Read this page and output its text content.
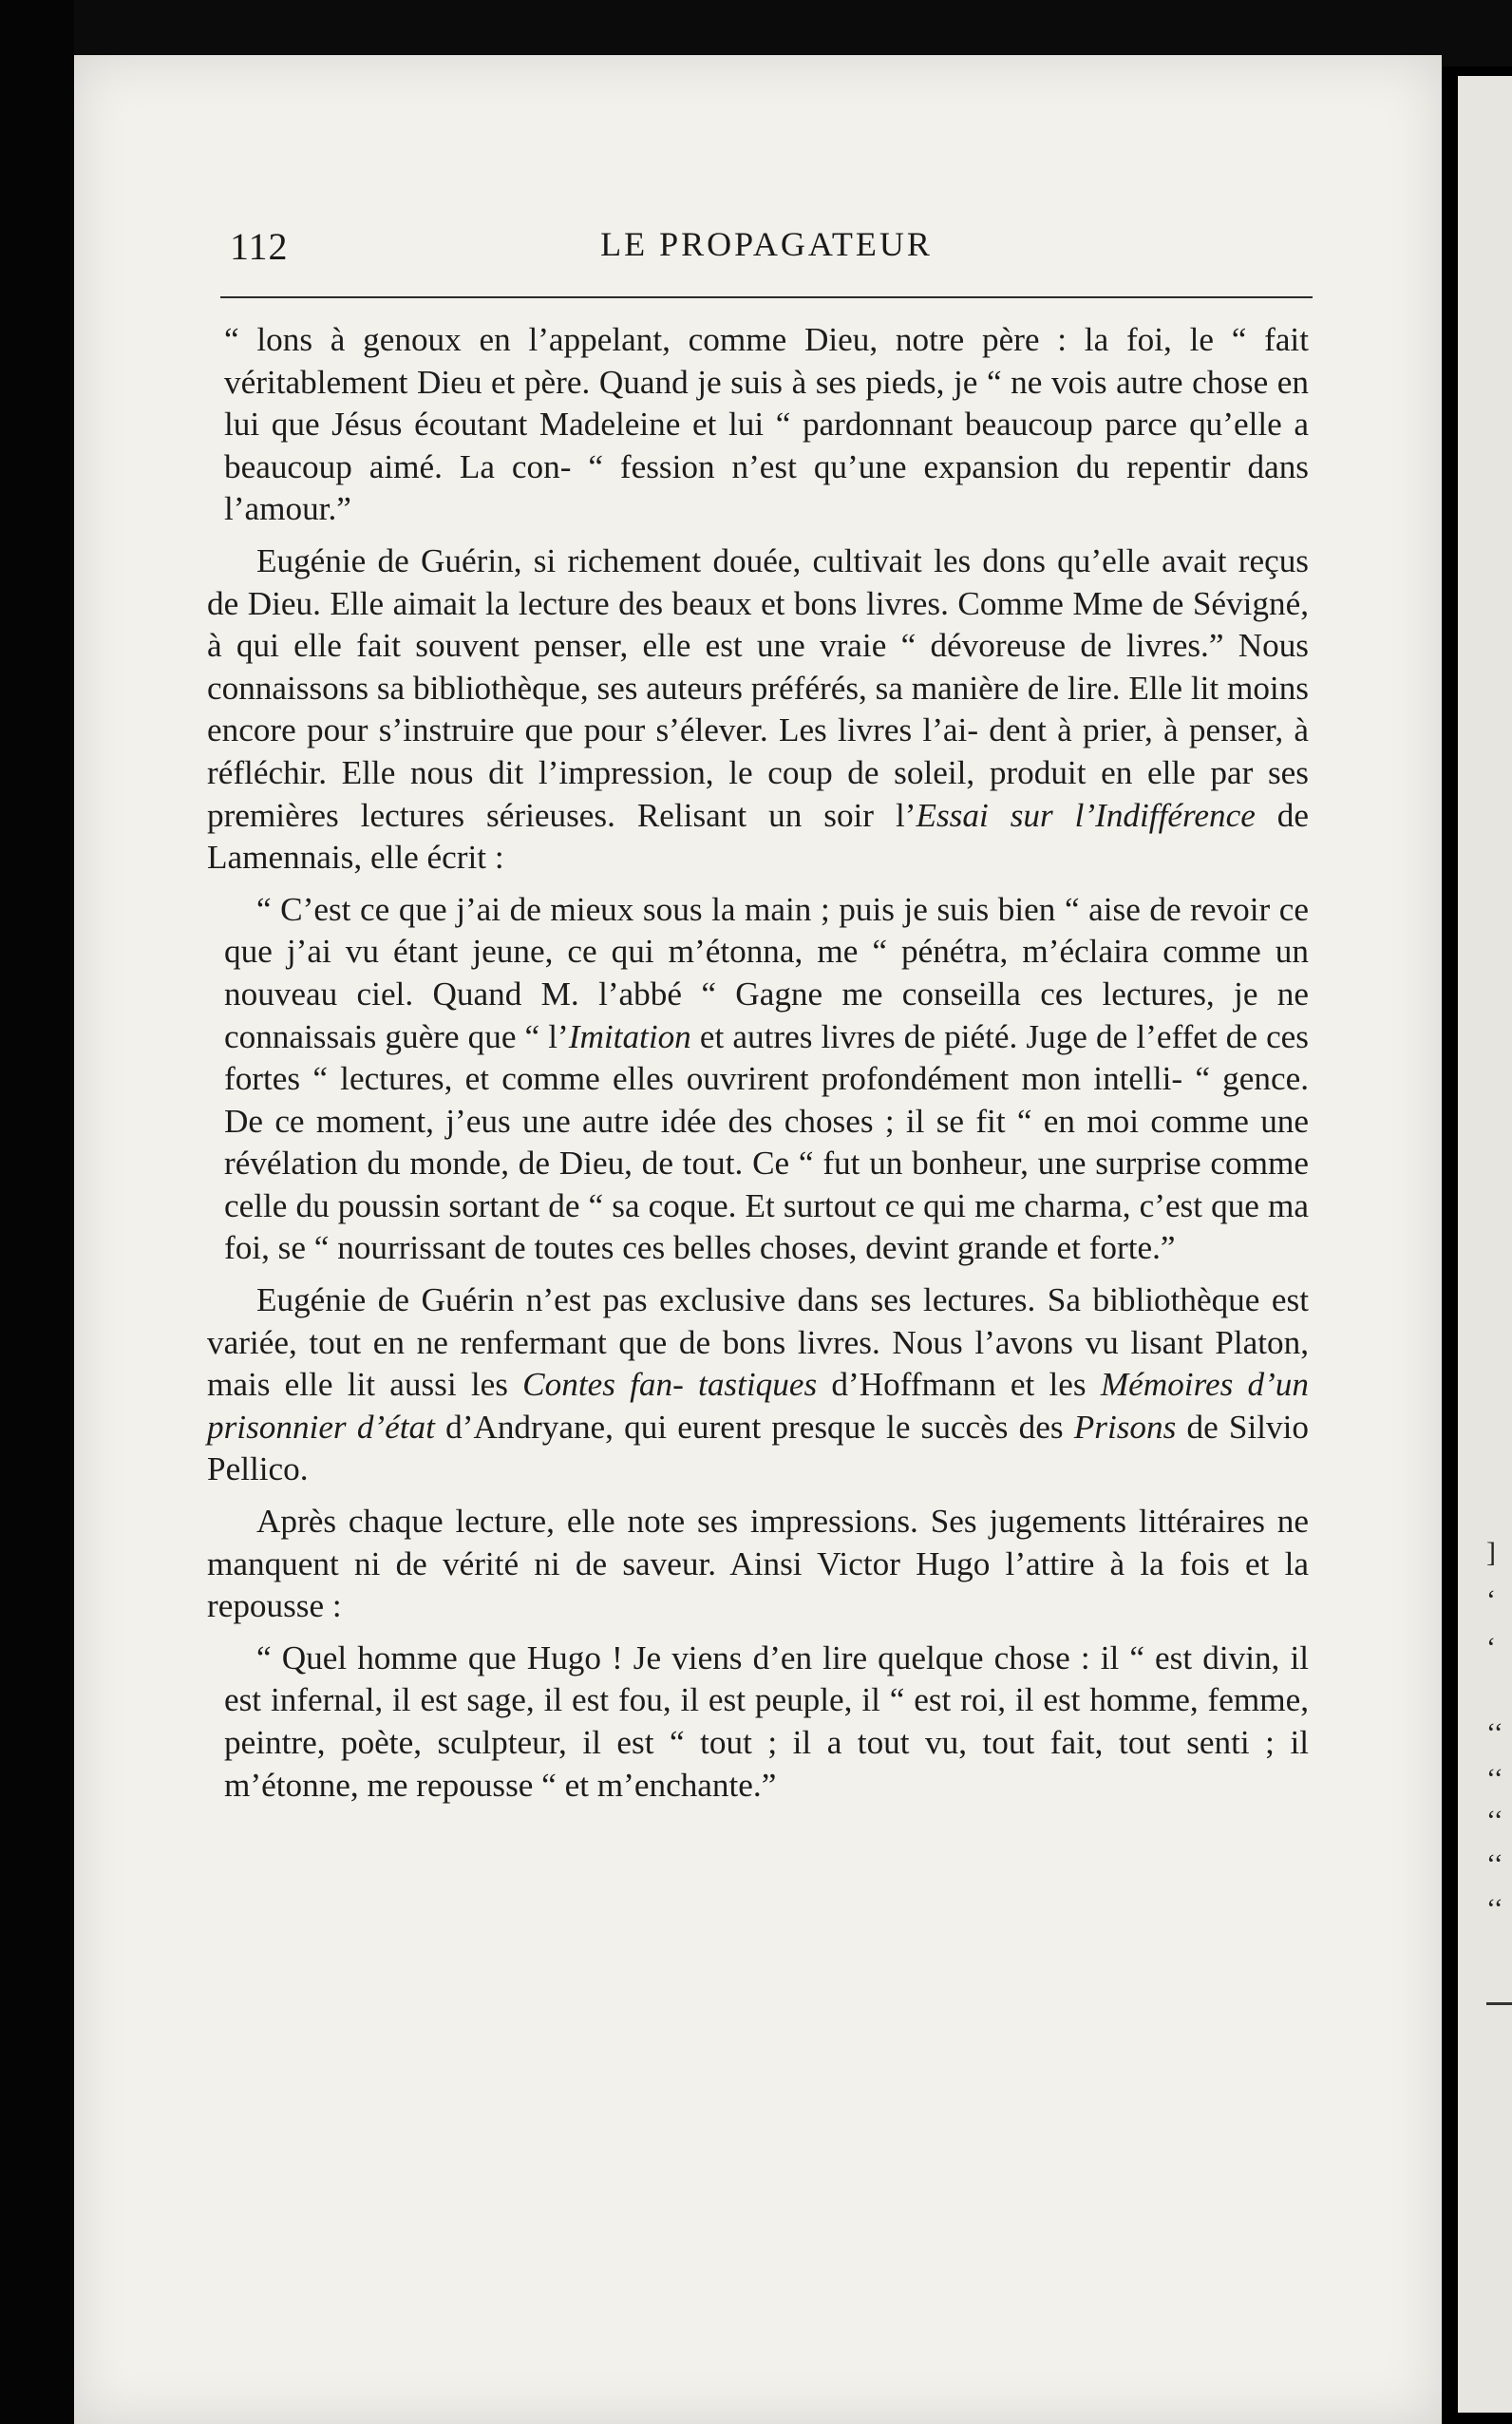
]
‘
‘
‘‘
‘‘
‘‘
‘‘
‘‘
112	LE PROPAGATEUR

“ lons à genoux en l’appelant, comme Dieu, notre père : la foi, le “ fait véritablement Dieu et père. Quand je suis à ses pieds, je “ ne vois autre chose en lui que Jésus écoutant Madeleine et lui “ pardonnant beaucoup parce qu’elle a beaucoup aimé. La con- “ fession n’est qu’une expansion du repentir dans l’amour.”

Eugénie de Guérin, si richement douée, cultivait les dons qu’elle avait reçus de Dieu. Elle aimait la lecture des beaux et bons livres. Comme Mme de Sévigné, à qui elle fait souvent penser, elle est une vraie “ dévoreuse de livres.” Nous connaissons sa bibliothèque, ses auteurs préférés, sa manière de lire. Elle lit moins encore pour s’instruire que pour s’élever. Les livres l’ai- dent à prier, à penser, à réfléchir. Elle nous dit l’impression, le coup de soleil, produit en elle par ses premières lectures sérieuses. Relisant un soir l’Essai sur l’Indifférence de Lamennais, elle écrit :

“ C’est ce que j’ai de mieux sous la main ; puis je suis bien “ aise de revoir ce que j’ai vu étant jeune, ce qui m’étonna, me “ pénétra, m’éclaira comme un nouveau ciel. Quand M. l’abbé “ Gagne me conseilla ces lectures, je ne connaissais guère que “ l’Imitation et autres livres de piété. Juge de l’effet de ces fortes “ lectures, et comme elles ouvrirent profondément mon intelli- “ gence. De ce moment, j’eus une autre idée des choses ; il se fit “ en moi comme une révélation du monde, de Dieu, de tout. Ce “ fut un bonheur, une surprise comme celle du poussin sortant de “ sa coque. Et surtout ce qui me charma, c’est que ma foi, se “ nourrissant de toutes ces belles choses, devint grande et forte.”

Eugénie de Guérin n’est pas exclusive dans ses lectures. Sa bibliothèque est variée, tout en ne renfermant que de bons livres. Nous l’avons vu lisant Platon, mais elle lit aussi les Contes fan- tastiques d’Hoffmann et les Mémoires d’un prisonnier d’état d’Andryane, qui eurent presque le succès des Prisons de Silvio Pellico.

Après chaque lecture, elle note ses impressions. Ses jugements littéraires ne manquent ni de vérité ni de saveur. Ainsi Victor Hugo l’attire à la fois et la repousse :

“ Quel homme que Hugo ! Je viens d’en lire quelque chose : il “ est divin, il est infernal, il est sage, il est fou, il est peuple, il “ est roi, il est homme, femme, peintre, poète, sculpteur, il est “ tout ; il a tout vu, tout fait, tout senti ; il m’étonne, me repousse “ et m’enchante.”
